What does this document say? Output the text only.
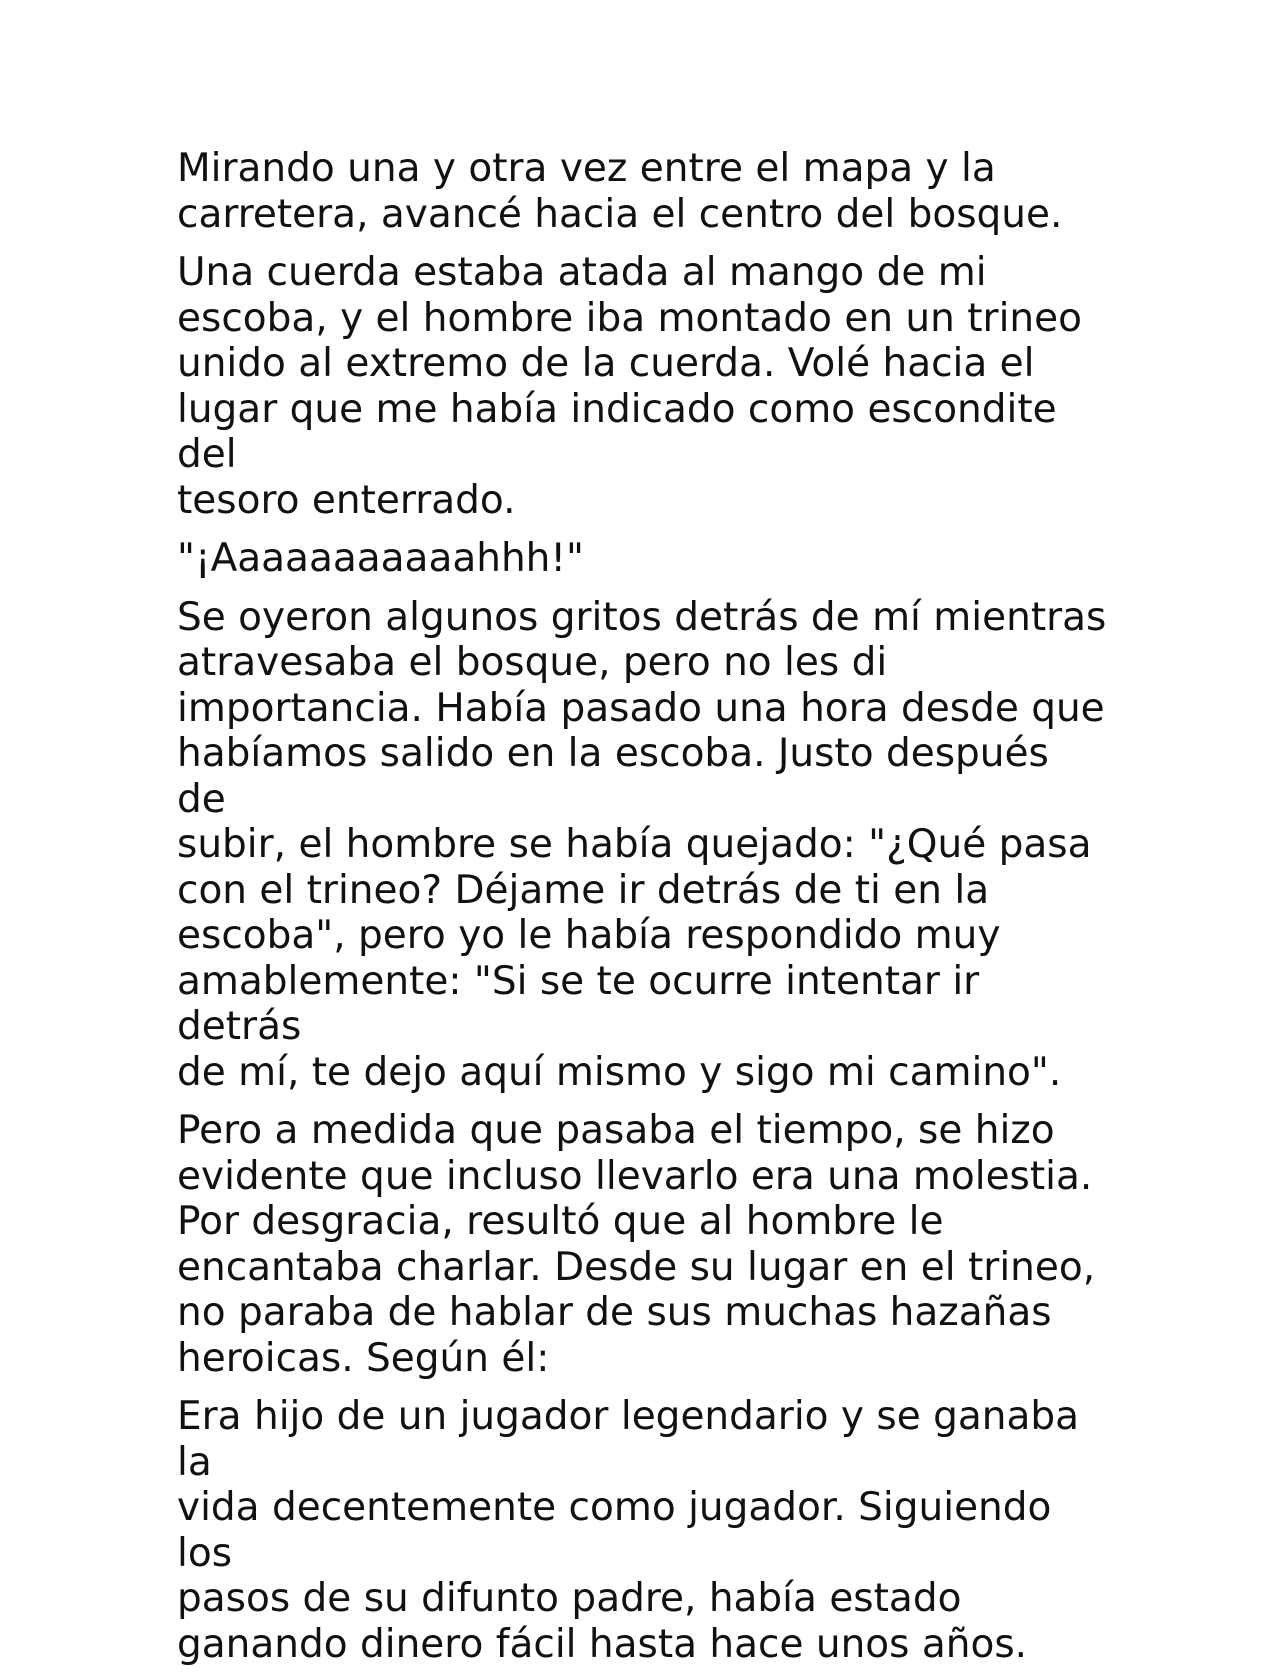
Mirando una y otra vez entre el mapa y la
carretera, avancé hacia el centro del bosque.

Una cuerda estaba atada al mango de mi
escoba, y el hombre iba montado en un trineo
unido al extremo de la cuerda. Volé hacia el
lugar que me había indicado como escondite del
tesoro enterrado.

"¡Aaaaaaaaaaahhh!"

Se oyeron algunos gritos detrás de mí mientras
atravesaba el bosque, pero no les di
importancia. Había pasado una hora desde que
habíamos salido en la escoba. Justo después de
subir, el hombre se había quejado: "¿Qué pasa
con el trineo? Déjame ir detrás de ti en la
escoba", pero yo le había respondido muy
amablemente: "Si se te ocurre intentar ir detrás
de mí, te dejo aquí mismo y sigo mi camino".

Pero a medida que pasaba el tiempo, se hizo
evidente que incluso llevarlo era una molestia.
Por desgracia, resultó que al hombre le
encantaba charlar. Desde su lugar en el trineo,
no paraba de hablar de sus muchas hazañas
heroicas. Según él:

Era hijo de un jugador legendario y se ganaba la
vida decentemente como jugador. Siguiendo los
pasos de su difunto padre, había estado
ganando dinero fácil hasta hace unos años.
